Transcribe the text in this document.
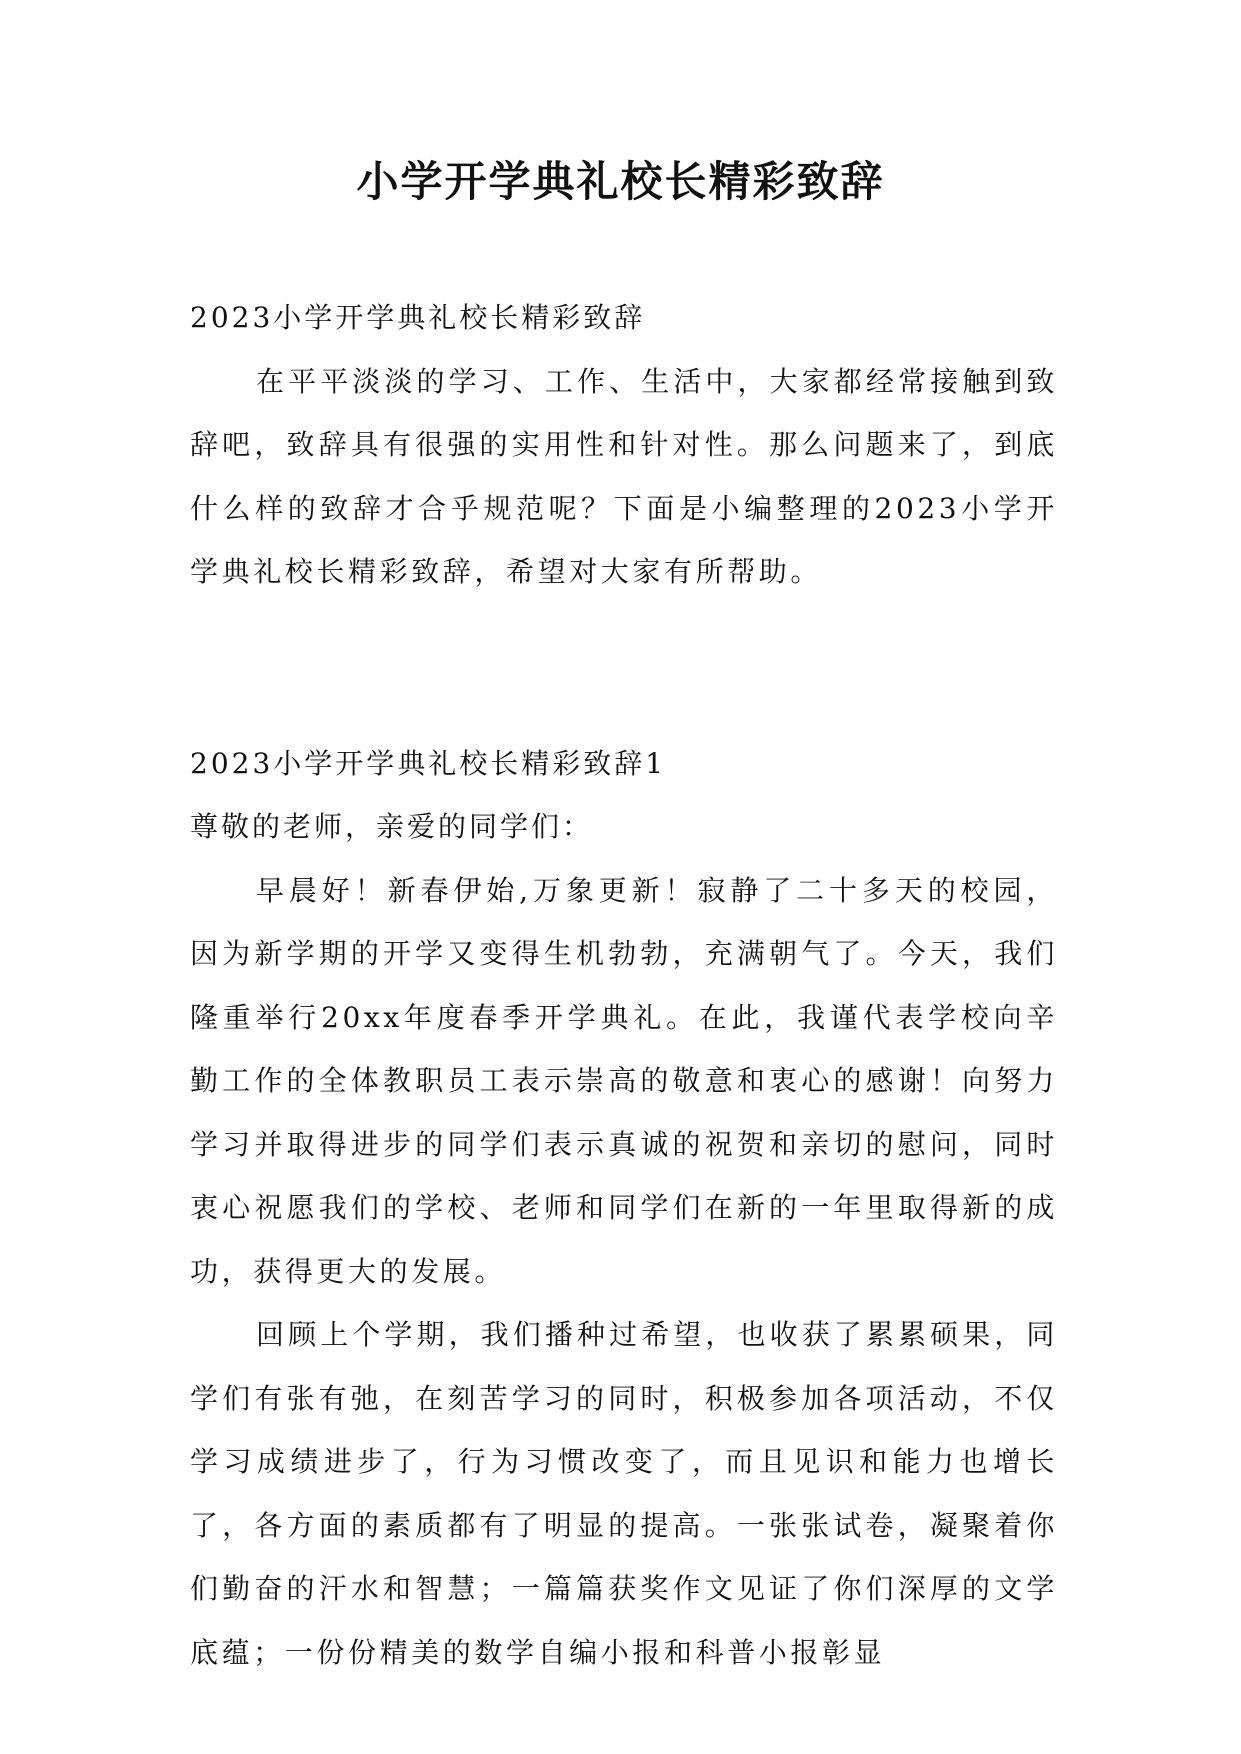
小学开学典礼校长精彩致辞

2023小学开学典礼校长精彩致辞

在平平淡淡的学习、工作、生活中，大家都经常接触到致辞吧，致辞具有很强的实用性和针对性。那么问题来了，到底什么样的致辞才合乎规范呢？下面是小编整理的2023小学开学典礼校长精彩致辞，希望对大家有所帮助。

2023小学开学典礼校长精彩致辞1

尊敬的老师，亲爱的同学们：

早晨好！新春伊始,万象更新！寂静了二十多天的校园，因为新学期的开学又变得生机勃勃，充满朝气了。今天，我们隆重举行20xx年度春季开学典礼。在此，我谨代表学校向辛勤工作的全体教职员工表示崇高的敬意和衷心的感谢！向努力学习并取得进步的同学们表示真诚的祝贺和亲切的慰问，同时衷心祝愿我们的学校、老师和同学们在新的一年里取得新的成功，获得更大的发展。

回顾上个学期，我们播种过希望，也收获了累累硕果，同学们有张有弛，在刻苦学习的同时，积极参加各项活动，不仅学习成绩进步了，行为习惯改变了，而且见识和能力也增长了，各方面的素质都有了明显的提高。一张张试卷，凝聚着你们勤奋的汗水和智慧；一篇篇获奖作文见证了你们深厚的文学底蕴；一份份精美的数学自编小报和科普小报彰显
